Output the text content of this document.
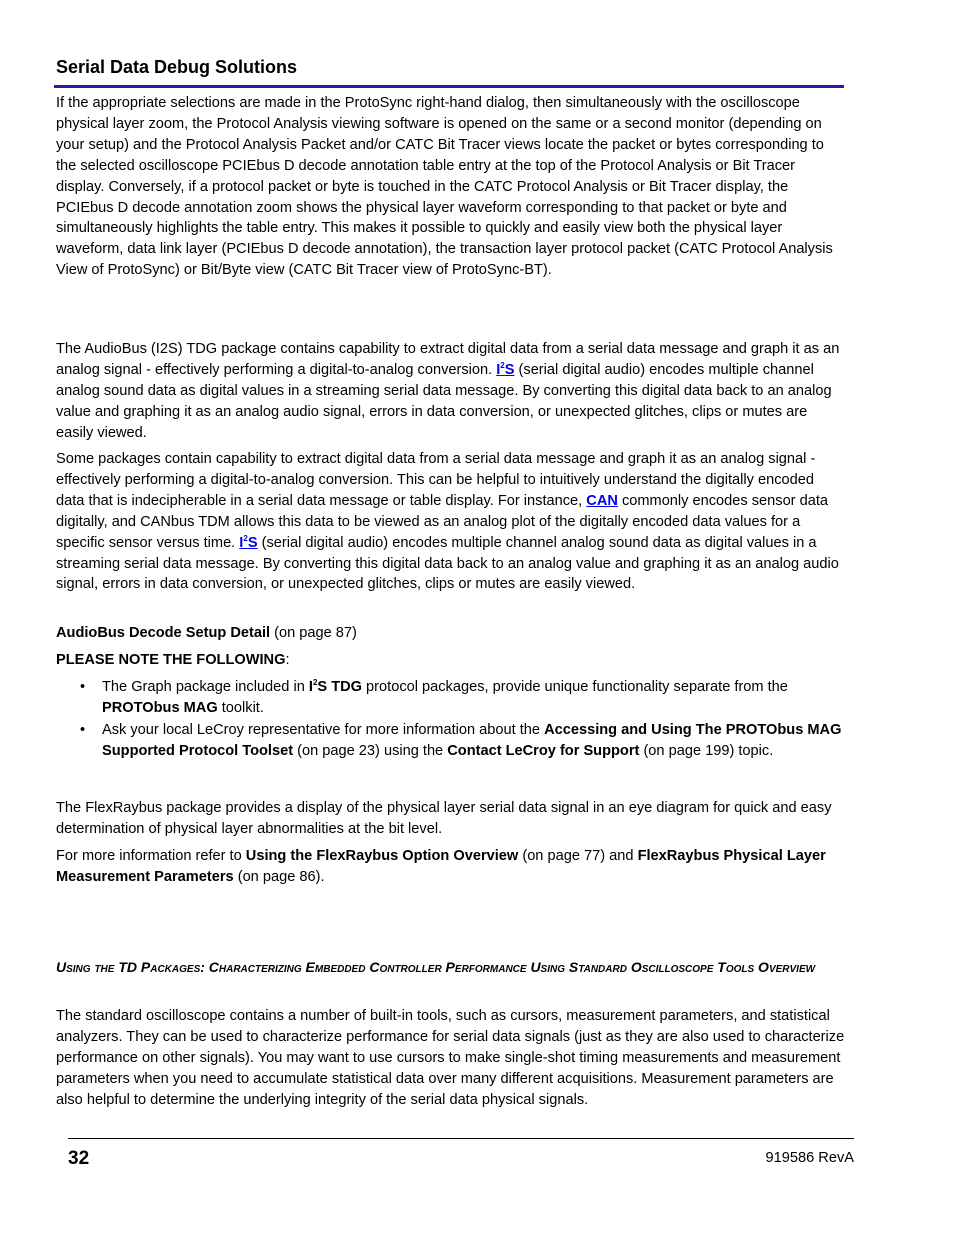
Serial Data Debug Solutions
If the appropriate selections are made in the ProtoSync right-hand dialog, then simultaneously with the oscilloscope physical layer zoom, the Protocol Analysis viewing software is opened on the same or a second monitor (depending on your setup) and the Protocol Analysis Packet and/or CATC Bit Tracer views locate the packet or bytes corresponding to the selected oscilloscope PCIEbus D decode annotation table entry at the top of the Protocol Analysis or Bit Tracer display. Conversely, if a protocol packet or byte is touched in the CATC Protocol Analysis or Bit Tracer display, the PCIEbus D decode annotation zoom shows the physical layer waveform corresponding to that packet or byte and simultaneously highlights the table entry. This makes it possible to quickly and easily view both the physical layer waveform, data link layer (PCIEbus D decode annotation), the transaction layer protocol packet (CATC Protocol Analysis View of ProtoSync) or Bit/Byte view (CATC Bit Tracer view of ProtoSync-BT).
The AudioBus (I2S) TDG package contains capability to extract digital data from a serial data message and graph it as an analog signal - effectively performing a digital-to-analog conversion. $I^2S$ (serial digital audio) encodes multiple channel analog sound data as digital values in a streaming serial data message. By converting this digital data back to an analog value and graphing it as an analog audio signal, errors in data conversion, or unexpected glitches, clips or mutes are easily viewed.
Some packages contain capability to extract digital data from a serial data message and graph it as an analog signal - effectively performing a digital-to-analog conversion. This can be helpful to intuitively understand the digitally encoded data that is indecipherable in a serial data message or table display. For instance, CAN commonly encodes sensor data digitally, and CANbus TDM allows this data to be viewed as an analog plot of the digitally encoded data values for a specific sensor versus time. $I^2S$ (serial digital audio) encodes multiple channel analog sound data as digital values in a streaming serial data message. By converting this digital data back to an analog value and graphing it as an analog audio signal, errors in data conversion, or unexpected glitches, clips or mutes are easily viewed.
AudioBus Decode Setup Detail (on page 87)
PLEASE NOTE THE FOLLOWING:
• The Graph package included in $I^2S$ TDG protocol packages, provide unique functionality separate from the PROTObus MAG toolkit.
• Ask your local LeCroy representative for more information about the Accessing and Using The PROTObus MAG Supported Protocol Toolset (on page 23) using the Contact LeCroy for Support (on page 199) topic.
The FlexRaybus package provides a display of the physical layer serial data signal in an eye diagram for quick and easy determination of physical layer abnormalities at the bit level.
For more information refer to Using the FlexRaybus Option Overview (on page 77) and FlexRaybus Physical Layer Measurement Parameters (on page 86).
Using the TD Packages: Characterizing Embedded Controller Performance Using Standard Oscilloscope Tools Overview
The standard oscilloscope contains a number of built-in tools, such as cursors, measurement parameters, and statistical analyzers. They can be used to characterize performance for serial data signals (just as they are also used to characterize performance on other signals). You may want to use cursors to make single-shot timing measurements and measurement parameters when you need to accumulate statistical data over many different acquisitions. Measurement parameters are also helpful to determine the underlying integrity of the serial data physical signals.
32	919586 RevA
